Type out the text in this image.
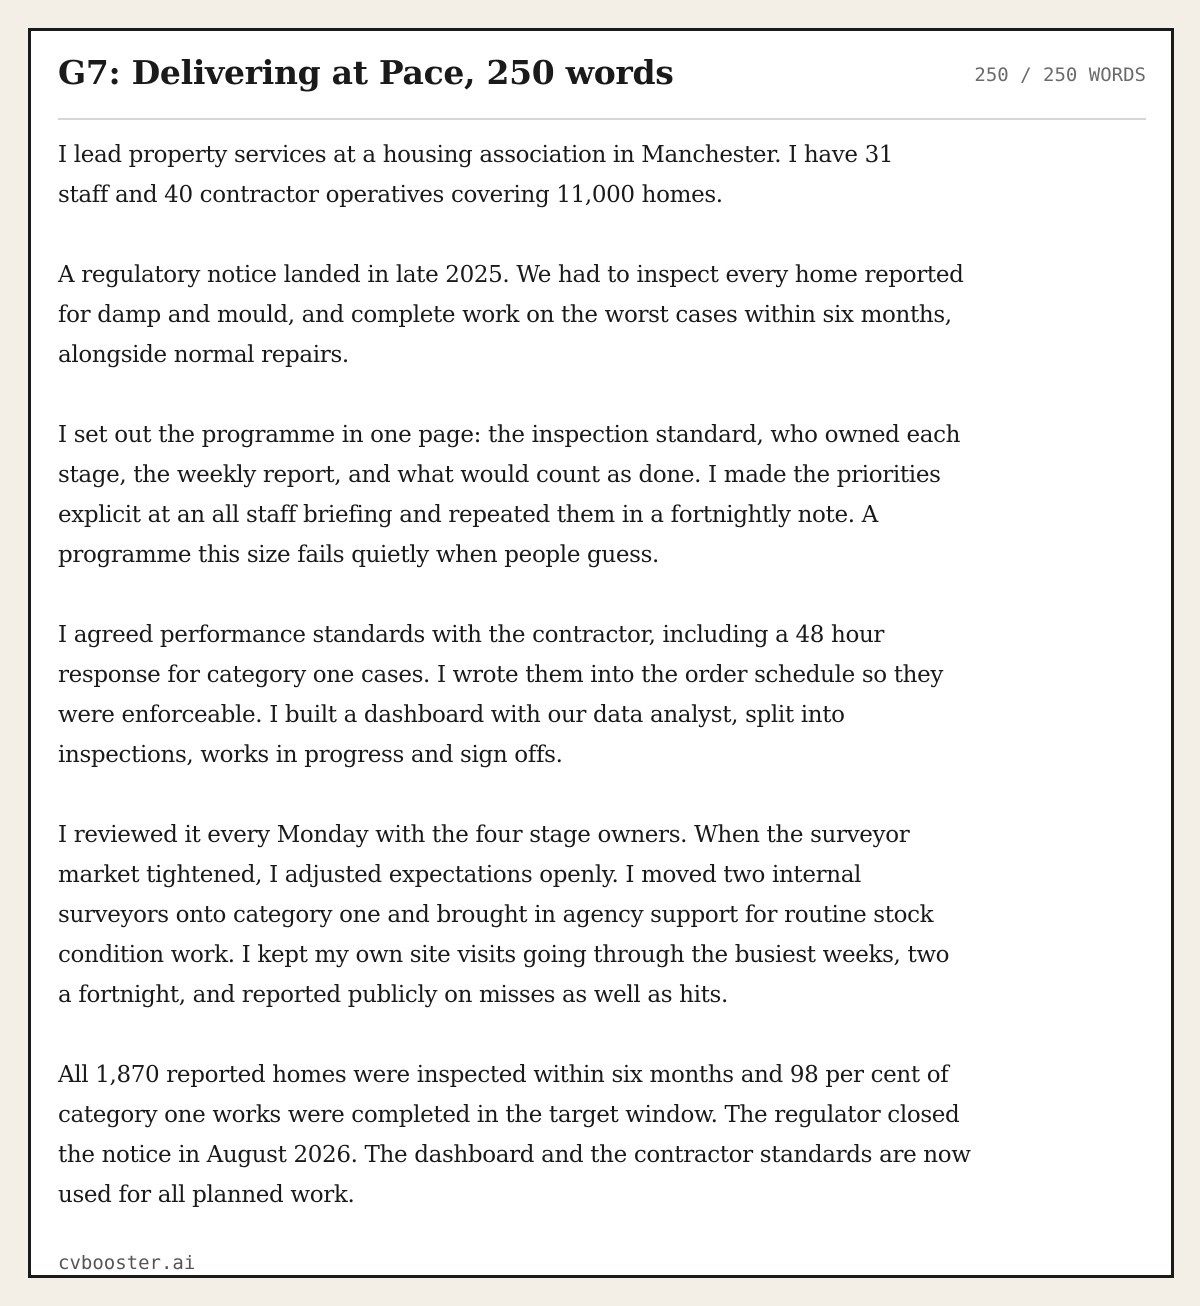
G7: Delivering at Pace, 250 words	250 / 250 WORDS

I lead property services at a housing association in Manchester. I have 31
staff and 40 contractor operatives covering 11,000 homes.

A regulatory notice landed in late 2025. We had to inspect every home reported
for damp and mould, and complete work on the worst cases within six months,
alongside normal repairs.

I set out the programme in one page: the inspection standard, who owned each
stage, the weekly report, and what would count as done. I made the priorities
explicit at an all staff briefing and repeated them in a fortnightly note. A
programme this size fails quietly when people guess.

I agreed performance standards with the contractor, including a 48 hour
response for category one cases. I wrote them into the order schedule so they
were enforceable. I built a dashboard with our data analyst, split into
inspections, works in progress and sign offs.

I reviewed it every Monday with the four stage owners. When the surveyor
market tightened, I adjusted expectations openly. I moved two internal
surveyors onto category one and brought in agency support for routine stock
condition work. I kept my own site visits going through the busiest weeks, two
a fortnight, and reported publicly on misses as well as hits.

All 1,870 reported homes were inspected within six months and 98 per cent of
category one works were completed in the target window. The regulator closed
the notice in August 2026. The dashboard and the contractor standards are now
used for all planned work.

cvbooster.ai
